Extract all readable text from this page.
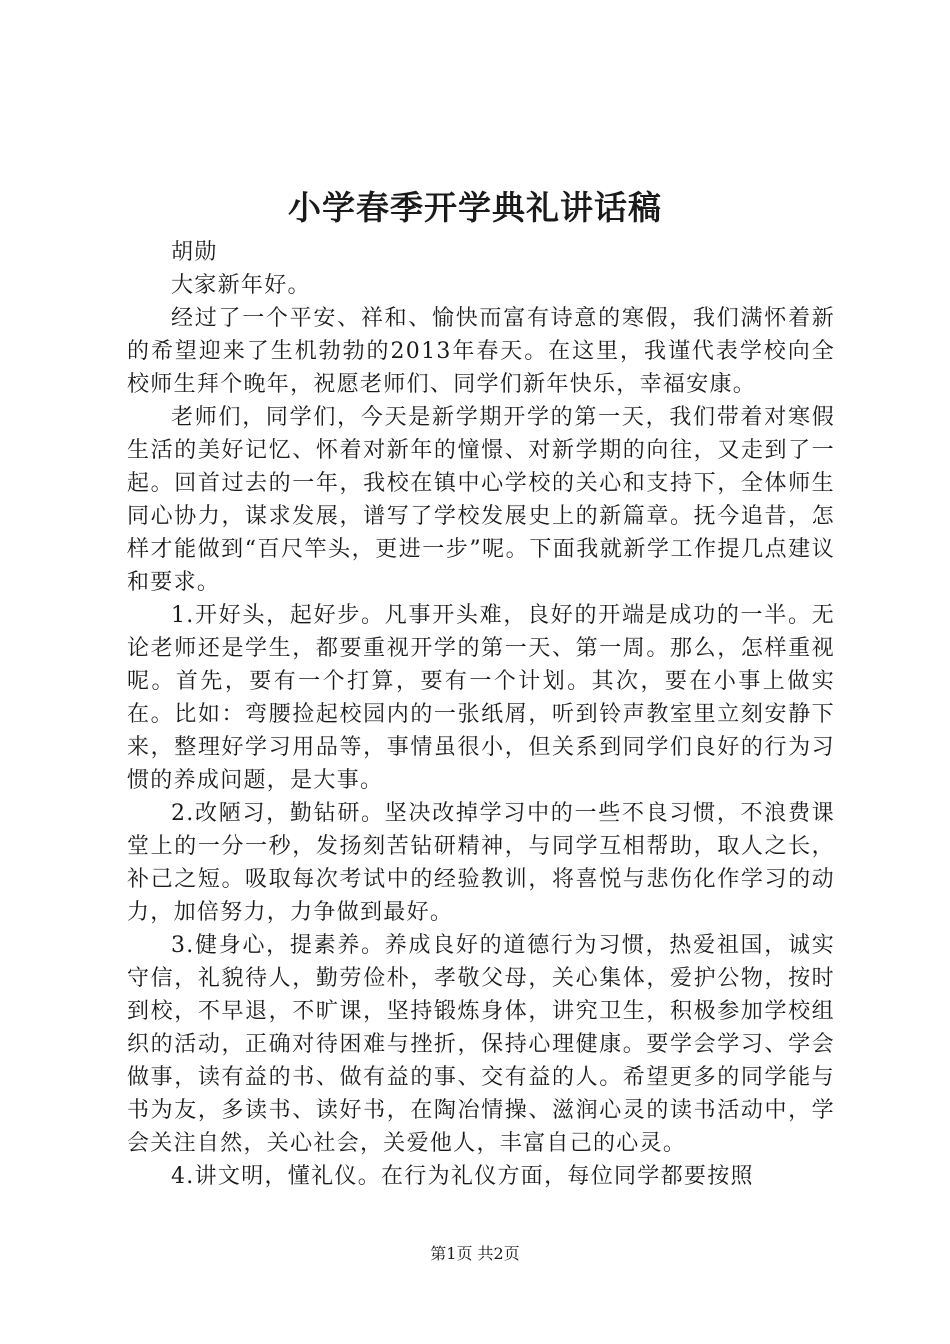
小学春季开学典礼讲话稿

胡勋

大家新年好。

经过了一个平安、祥和、愉快而富有诗意的寒假，我们满怀着新的希望迎来了生机勃勃的2013年春天。在这里，我谨代表学校向全校师生拜个晚年，祝愿老师们、同学们新年快乐，幸福安康。

老师们，同学们，今天是新学期开学的第一天，我们带着对寒假生活的美好记忆、怀着对新年的憧憬、对新学期的向往，又走到了一起。回首过去的一年，我校在镇中心学校的关心和支持下，全体师生同心协力，谋求发展，谱写了学校发展史上的新篇章。抚今追昔，怎样才能做到“百尺竿头，更进一步”呢。下面我就新学工作提几点建议和要求。

1.开好头，起好步。凡事开头难，良好的开端是成功的一半。无论老师还是学生，都要重视开学的第一天、第一周。那么，怎样重视呢。首先，要有一个打算，要有一个计划。其次，要在小事上做实在。比如：弯腰捡起校园内的一张纸屑，听到铃声教室里立刻安静下来，整理好学习用品等，事情虽很小，但关系到同学们良好的行为习惯的养成问题，是大事。

2.改陋习，勤钻研。坚决改掉学习中的一些不良习惯，不浪费课堂上的一分一秒，发扬刻苦钻研精神，与同学互相帮助，取人之长，补己之短。吸取每次考试中的经验教训，将喜悦与悲伤化作学习的动力，加倍努力，力争做到最好。

3.健身心，提素养。养成良好的道德行为习惯，热爱祖国，诚实守信，礼貌待人，勤劳俭朴，孝敬父母，关心集体，爱护公物，按时到校，不早退，不旷课，坚持锻炼身体，讲究卫生，积极参加学校组织的活动，正确对待困难与挫折，保持心理健康。要学会学习、学会做事，读有益的书、做有益的事、交有益的人。希望更多的同学能与书为友，多读书、读好书，在陶冶情操、滋润心灵的读书活动中，学会关注自然，关心社会，关爱他人，丰富自己的心灵。

4.讲文明，懂礼仪。在行为礼仪方面，每位同学都要按照

第1页 共2页
